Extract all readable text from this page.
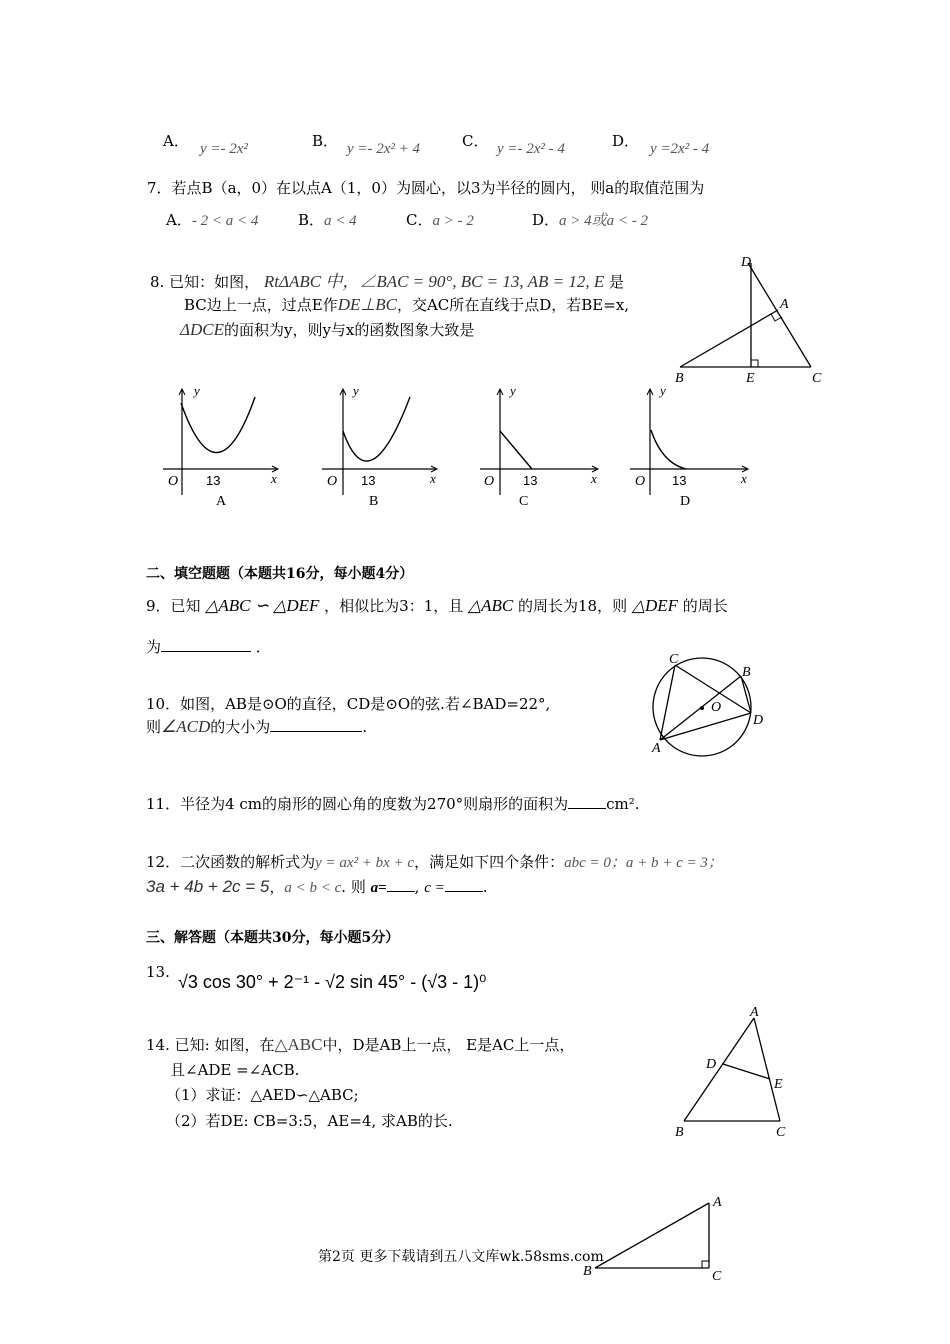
A． y =- 2x²	B． y =- 2x² + 4	C． y =- 2x² - 4	D． y =2x² - 4
7．若点B（a，0）在以点A（1，0）为圆心，以3为半径的圆内， 则a的取值范围为
A．- 2 < a < 4	B．a < 4	C．a > - 2	D．a > 4或a < - 2
8. 已知：如图， RtΔABC 中，∠BAC = 90°, BC = 13, AB = 12, E 是
BC边上一点，过点E作DE⊥BC，交AC所在直线于点D，若BE=x,
ΔDCE的面积为y，则y与x的函数图象大致是
D
A
B	E	C
y
x
O 13
A
y
x
O 13
B
y
x
O 13
C
y
x
O 13
D
二、填空题题（本题共16分，每小题4分）
9．已知 △ABC ∽ △DEF ，相似比为3：1，且 △ABC 的周长为18，则 △DEF 的周长
为	．
10．如图，AB是⊙O的直径，CD是⊙O的弦.若∠BAD=22°,
则∠ACD的大小为	.
C
B
O
D
A
11．半径为4 cm的扇形的圆心角的度数为270°则扇形的面积为	cm².
12．二次函数的解析式为y = ax² + bx + c，满足如下四个条件：abc = 0；a + b + c = 3；
3a + 4b + 2c = 5，a < b < c. 则 a= , c =	.
三、解答题（本题共30分，每小题5分）
13. √3 cos 30° + 2⁻¹ - √2 sin 45° - (√3 - 1)⁰
14. 已知: 如图，在△ABC中，D是AB上一点， E是AC上一点，
且∠ADE =∠ACB.
（1）求证：△AED∽△ABC;
（2）若DE: CB=3:5，AE=4, 求AB的长.
A
D
E
B	C
A
B	C
第2页 更多下载请到五八文库wk.58sms.com
